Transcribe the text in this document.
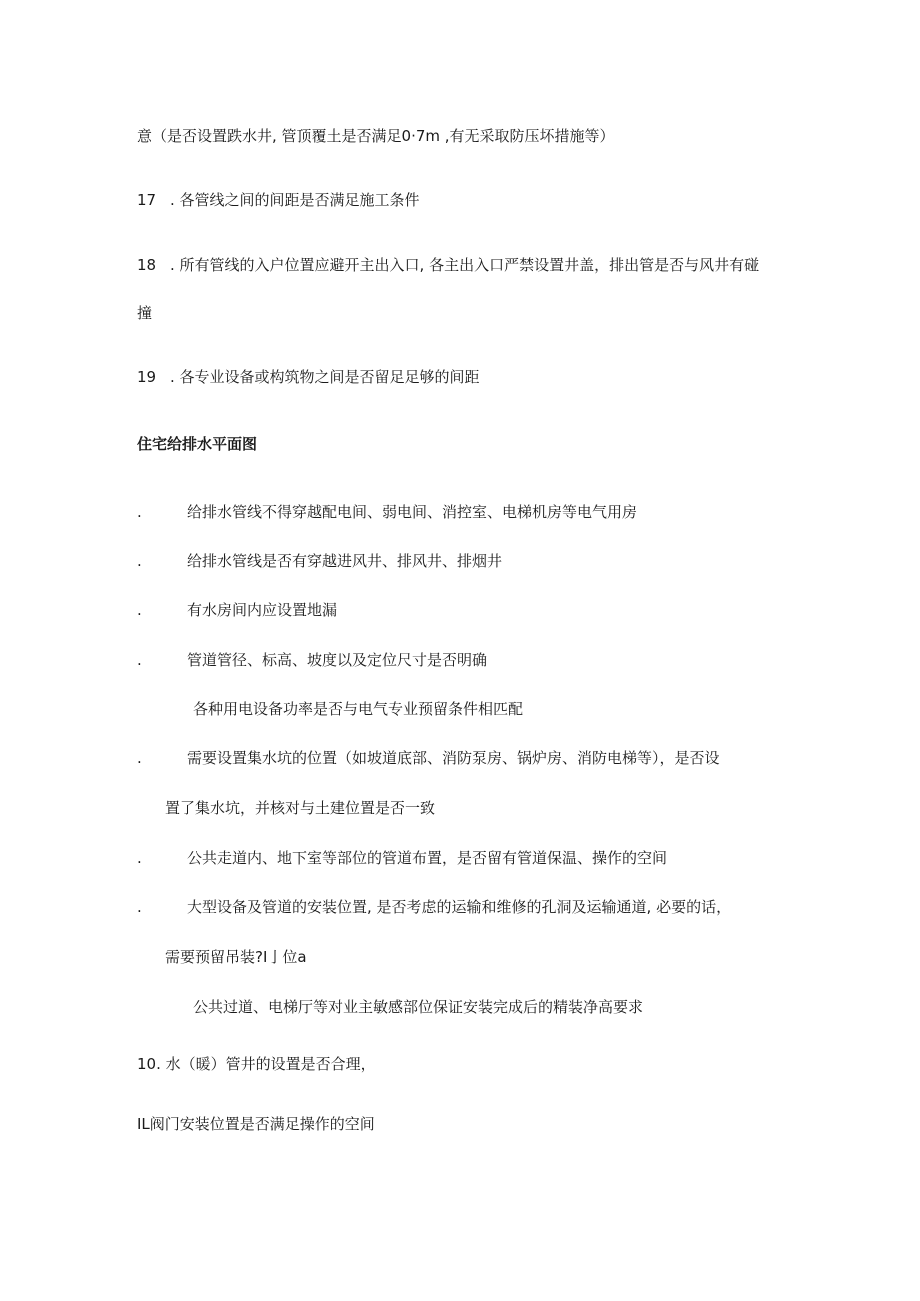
意（是否设置跌水井, 管顶覆土是否满足0·7m ,有无采取防压坏措施等）
17 . 各管线之间的间距是否满足施工条件
18 . 所有管线的入户位置应避开主出入口, 各主出入口严禁设置井盖，排出管是否与风井有碰
撞
19 . 各专业设备或构筑物之间是否留足足够的间距
住宅给排水平面图
.	给排水管线不得穿越配电间、弱电间、消控室、电梯机房等电气用房
.	给排水管线是否有穿越进风井、排风井、排烟井
.	有水房间内应设置地漏
.	管道管径、标高、坡度以及定位尺寸是否明确
各种用电设备功率是否与电气专业预留条件相匹配
.	需要设置集水坑的位置（如坡道底部、消防泵房、锅炉房、消防电梯等），是否设
置了集水坑，并核对与土建位置是否一致
.	公共走道内、地下室等部位的管道布置，是否留有管道保温、操作的空间
.	大型设备及管道的安装位置, 是否考虑的运输和维修的孔洞及运输通道, 必要的话，
需要预留吊装?I亅位a
公共过道、电梯厅等对业主敏感部位保证安装完成后的精装净高要求
10. 水（暖）管井的设置是否合理，
IL阀门安装位置是否满足操作的空间
